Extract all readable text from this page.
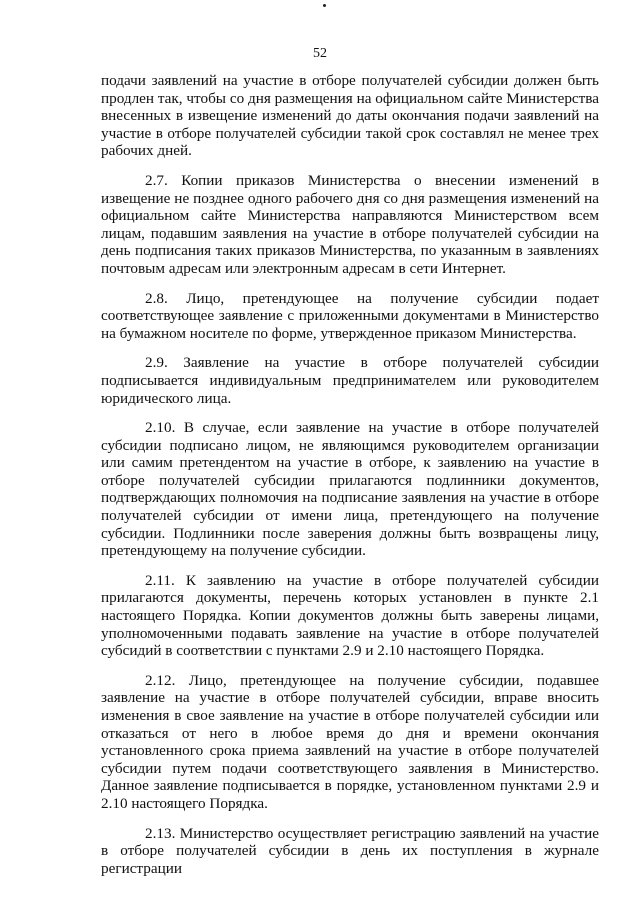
52

подачи заявлений на участие в отборе получателей субсидии должен быть продлен так, чтобы со дня размещения на официальном сайте Министерства внесенных в извещение изменений до даты окончания подачи заявлений на участие в отборе получателей субсидии такой срок составлял не менее трех рабочих дней.

2.7. Копии приказов Министерства о внесении изменений в извещение не позднее одного рабочего дня со дня размещения изменений на официальном сайте Министерства направляются Министерством всем лицам, подавшим заявления на участие в отборе получателей субсидии на день подписания таких приказов Министерства, по указанным в заявлениях почтовым адресам или электронным адресам в сети Интернет.

2.8. Лицо, претендующее на получение субсидии подает соответствующее заявление с приложенными документами в Министерство на бумажном носителе по форме, утвержденное приказом Министерства.

2.9. Заявление на участие в отборе получателей субсидии подписывается индивидуальным предпринимателем или руководителем юридического лица.

2.10. В случае, если заявление на участие в отборе получателей субсидии подписано лицом, не являющимся руководителем организации или самим претендентом на участие в отборе, к заявлению на участие в отборе получателей субсидии прилагаются подлинники документов, подтверждающих полномочия на подписание заявления на участие в отборе получателей субсидии от имени лица, претендующего на получение субсидии. Подлинники после заверения должны быть возвращены лицу, претендующему на получение субсидии.

2.11. К заявлению на участие в отборе получателей субсидии прилагаются документы, перечень которых установлен в пункте 2.1 настоящего Порядка. Копии документов должны быть заверены лицами, уполномоченными подавать заявление на участие в отборе получателей субсидий в соответствии с пунктами 2.9 и 2.10 настоящего Порядка.

2.12. Лицо, претендующее на получение субсидии, подавшее заявление на участие в отборе получателей субсидии, вправе вносить изменения в свое заявление на участие в отборе получателей субсидии или отказаться от него в любое время до дня и времени окончания установленного срока приема заявлений на участие в отборе получателей субсидии путем подачи соответствующего заявления в Министерство. Данное заявление подписывается в порядке, установленном пунктами 2.9 и 2.10 настоящего Порядка.

2.13. Министерство осуществляет регистрацию заявлений на участие в отборе получателей субсидии в день их поступления в журнале регистрации
